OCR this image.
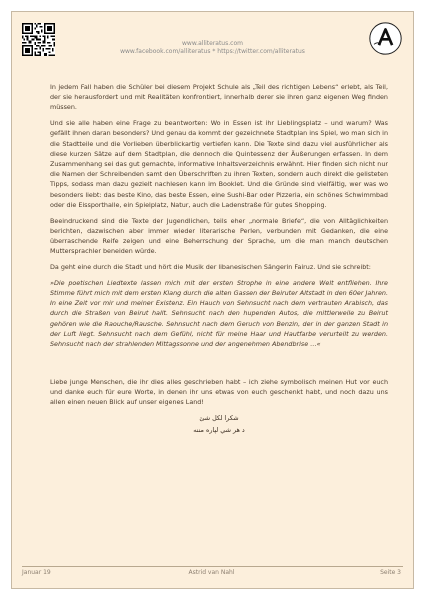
www.alliteratus.com
www.facebook.com/alliteratus * https://twitter.com/alliteratus

In jedem Fall haben die Schüler bei diesem Projekt Schule als „Teil des richtigen Lebens“ erlebt, als Teil, der sie herausfordert und mit Realitäten konfrontiert, innerhalb derer sie ihren ganz eigenen Weg finden müssen.

Und sie alle haben eine Frage zu beantworten: Wo in Essen ist ihr Lieblingsplatz – und warum? Was gefällt ihnen daran besonders? Und genau da kommt der gezeichnete Stadtplan ins Spiel, wo man sich in die Stadtteile und die Vorlieben überblickartig vertiefen kann. Die Texte sind dazu viel ausführlicher als diese kurzen Sätze auf dem Stadtplan, die dennoch die Quintessenz der Äußerungen erfassen. In dem Zusammenhang sei das gut gemachte, informative Inhaltsverzeichnis erwähnt. Hier finden sich nicht nur die Namen der Schreibenden samt den Überschriften zu ihren Texten, sondern auch direkt die gelisteten Tipps, sodass man dazu gezielt nachlesen kann im Booklet. Und die Gründe sind vielfältig, wer was wo besonders liebt: das beste Kino, das beste Essen, eine Sushi-Bar oder Pizzeria, ein schönes Schwimmbad oder die Eissporthalle, ein Spielplatz, Natur, auch die Ladenstraße für gutes Shopping.

Beeindruckend sind die Texte der Jugendlichen, teils eher „normale Briefe“, die von Alltäglichkeiten berichten, dazwischen aber immer wieder literarische Perlen, verbunden mit Gedanken, die eine überraschende Reife zeigen und eine Beherrschung der Sprache, um die man manch deutschen Muttersprachler beneiden würde.

Da geht eine durch die Stadt und hört die Musik der libanesischen Sängerin Fairuz. Und sie schreibt:

»Die poetischen Liedtexte lassen mich mit der ersten Strophe in eine andere Welt entfliehen. Ihre Stimme führt mich mit dem ersten Klang durch die alten Gassen der Beiruter Altstadt in den 60er Jahren. In eine Zeit vor mir und meiner Existenz. Ein Hauch von Sehnsucht nach dem vertrauten Arabisch, das durch die Straßen von Beirut hallt. Sehnsucht nach den hupenden Autos, die mittlerweile zu Beirut gehören wie die Raouche/Rausche. Sehnsucht nach dem Geruch von Benzin, der in der ganzen Stadt in der Luft liegt. Sehnsucht nach dem Gefühl, nicht für meine Haar und Hautfarbe verurteilt zu werden. Sehnsucht nach der strahlenden Mittagssonne und der angenehmen Abendbrise …«

Liebe junge Menschen, die ihr dies alles geschrieben habt – ich ziehe symbolisch meinen Hut vor euch und danke euch für eure Worte, in denen ihr uns etwas von euch geschenkt habt, und noch dazu uns allen einen neuen Blick auf unser eigenes Land!

شكرا لكل شئ
د هر شي لپاره مننه
Januar 19	Astrid van Nahl	Seite 3
